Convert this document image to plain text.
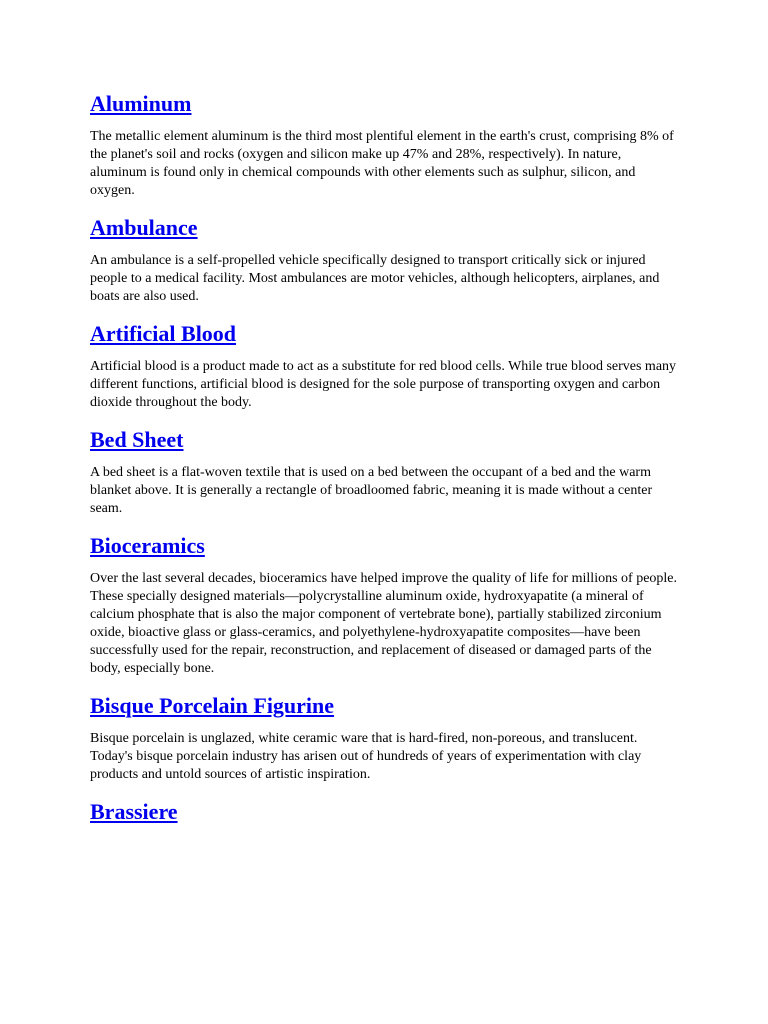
Aluminum

The metallic element aluminum is the third most plentiful element in the earth's crust, comprising 8% of the planet's soil and rocks (oxygen and silicon make up 47% and 28%, respectively). In nature, aluminum is found only in chemical compounds with other elements such as sulphur, silicon, and oxygen.

Ambulance

An ambulance is a self-propelled vehicle specifically designed to transport critically sick or injured people to a medical facility. Most ambulances are motor vehicles, although helicopters, airplanes, and boats are also used.

Artificial Blood

Artificial blood is a product made to act as a substitute for red blood cells. While true blood serves many different functions, artificial blood is designed for the sole purpose of transporting oxygen and carbon dioxide throughout the body.

Bed Sheet

A bed sheet is a flat-woven textile that is used on a bed between the occupant of a bed and the warm blanket above. It is generally a rectangle of broadloomed fabric, meaning it is made without a center seam.

Bioceramics

Over the last several decades, bioceramics have helped improve the quality of life for millions of people. These specially designed materials—polycrystalline aluminum oxide, hydroxyapatite (a mineral of calcium phosphate that is also the major component of vertebrate bone), partially stabilized zirconium oxide, bioactive glass or glass-ceramics, and polyethylene-hydroxyapatite composites—have been successfully used for the repair, reconstruction, and replacement of diseased or damaged parts of the body, especially bone.

Bisque Porcelain Figurine

Bisque porcelain is unglazed, white ceramic ware that is hard-fired, non-poreous, and translucent. Today's bisque porcelain industry has arisen out of hundreds of years of experimentation with clay products and untold sources of artistic inspiration.

Brassiere
